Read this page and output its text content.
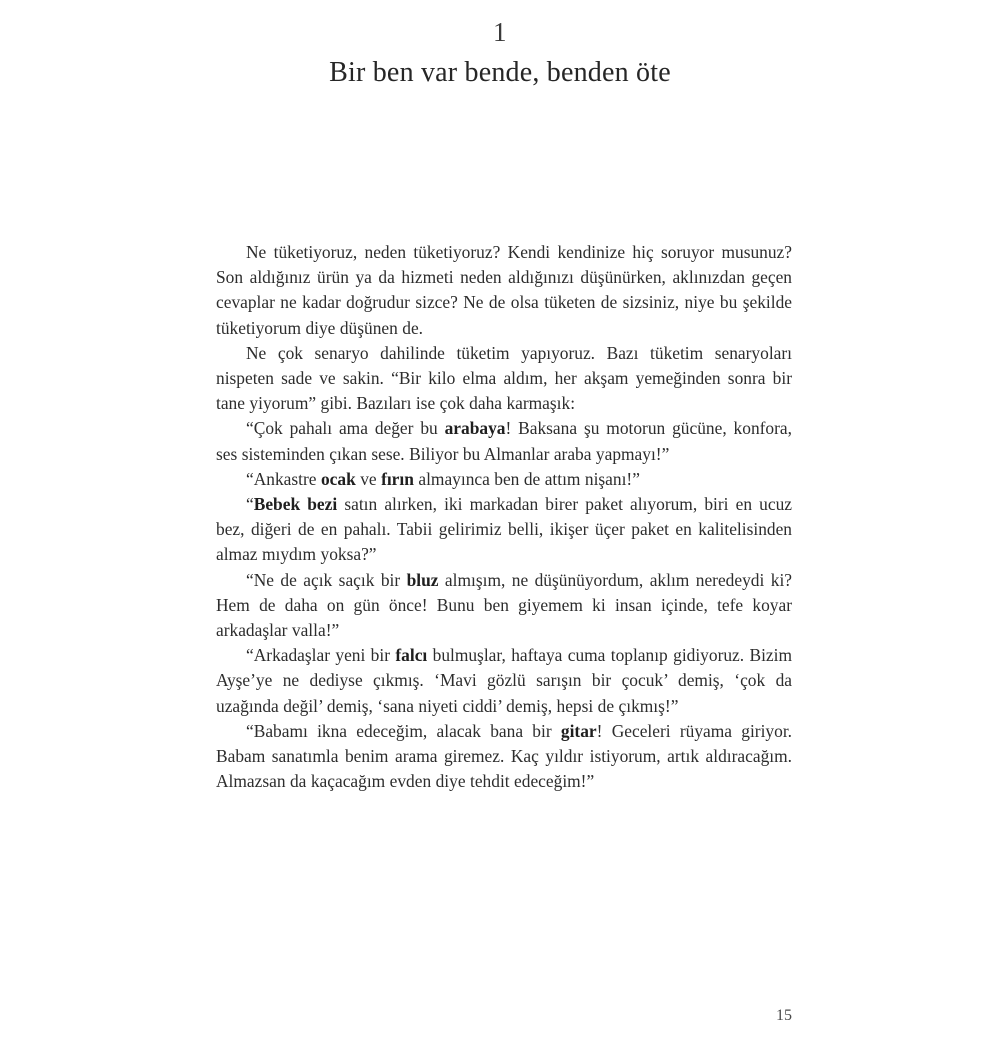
1
Bir ben var bende, benden öte

Ne tüketiyoruz, neden tüketiyoruz? Kendi kendinize hiç soruyor musunuz? Son aldığınız ürün ya da hizmeti neden aldığınızı düşünürken, aklınızdan geçen cevaplar ne kadar doğrudur sizce? Ne de olsa tüketen de sizsiniz, niye bu şekilde tüketiyorum diye düşünen de.

Ne çok senaryo dahilinde tüketim yapıyoruz. Bazı tüketim senaryoları nispeten sade ve sakin. “Bir kilo elma aldım, her akşam yemeğinden sonra bir tane yiyorum” gibi. Bazıları ise çok daha karmaşık:

“Çok pahalı ama değer bu arabaya! Baksana şu motorun gücüne, konfora, ses sisteminden çıkan sese. Biliyor bu Almanlar araba yapmayı!”

“Ankastre ocak ve fırın almayınca ben de attım nişanı!”

“Bebek bezi satın alırken, iki markadan birer paket alıyorum, biri en ucuz bez, diğeri de en pahalı. Tabii gelirimiz belli, ikişer üçer paket en kalitelisinden almaz mıydım yoksa?”

“Ne de açık saçık bir bluz almışım, ne düşünüyordum, aklım neredeydi ki? Hem de daha on gün önce! Bunu ben giyemem ki insan içinde, tefe koyar arkadaşlar valla!”

“Arkadaşlar yeni bir falcı bulmuşlar, haftaya cuma toplanıp gidiyoruz. Bizim Ayşe’ye ne dediyse çıkmış. ‘Mavi gözlü sarışın bir çocuk’ demiş, ‘çok da uzağında değil’ demiş, ‘sana niyeti ciddi’ demiş, hepsi de çıkmış!”

“Babamı ikna edeceğim, alacak bana bir gitar! Geceleri rüyama giriyor. Babam sanatımla benim arama giremez. Kaç yıldır istiyorum, artık aldıracağım. Almazsan da kaçacağım evden diye tehdit edeceğim!”

15
